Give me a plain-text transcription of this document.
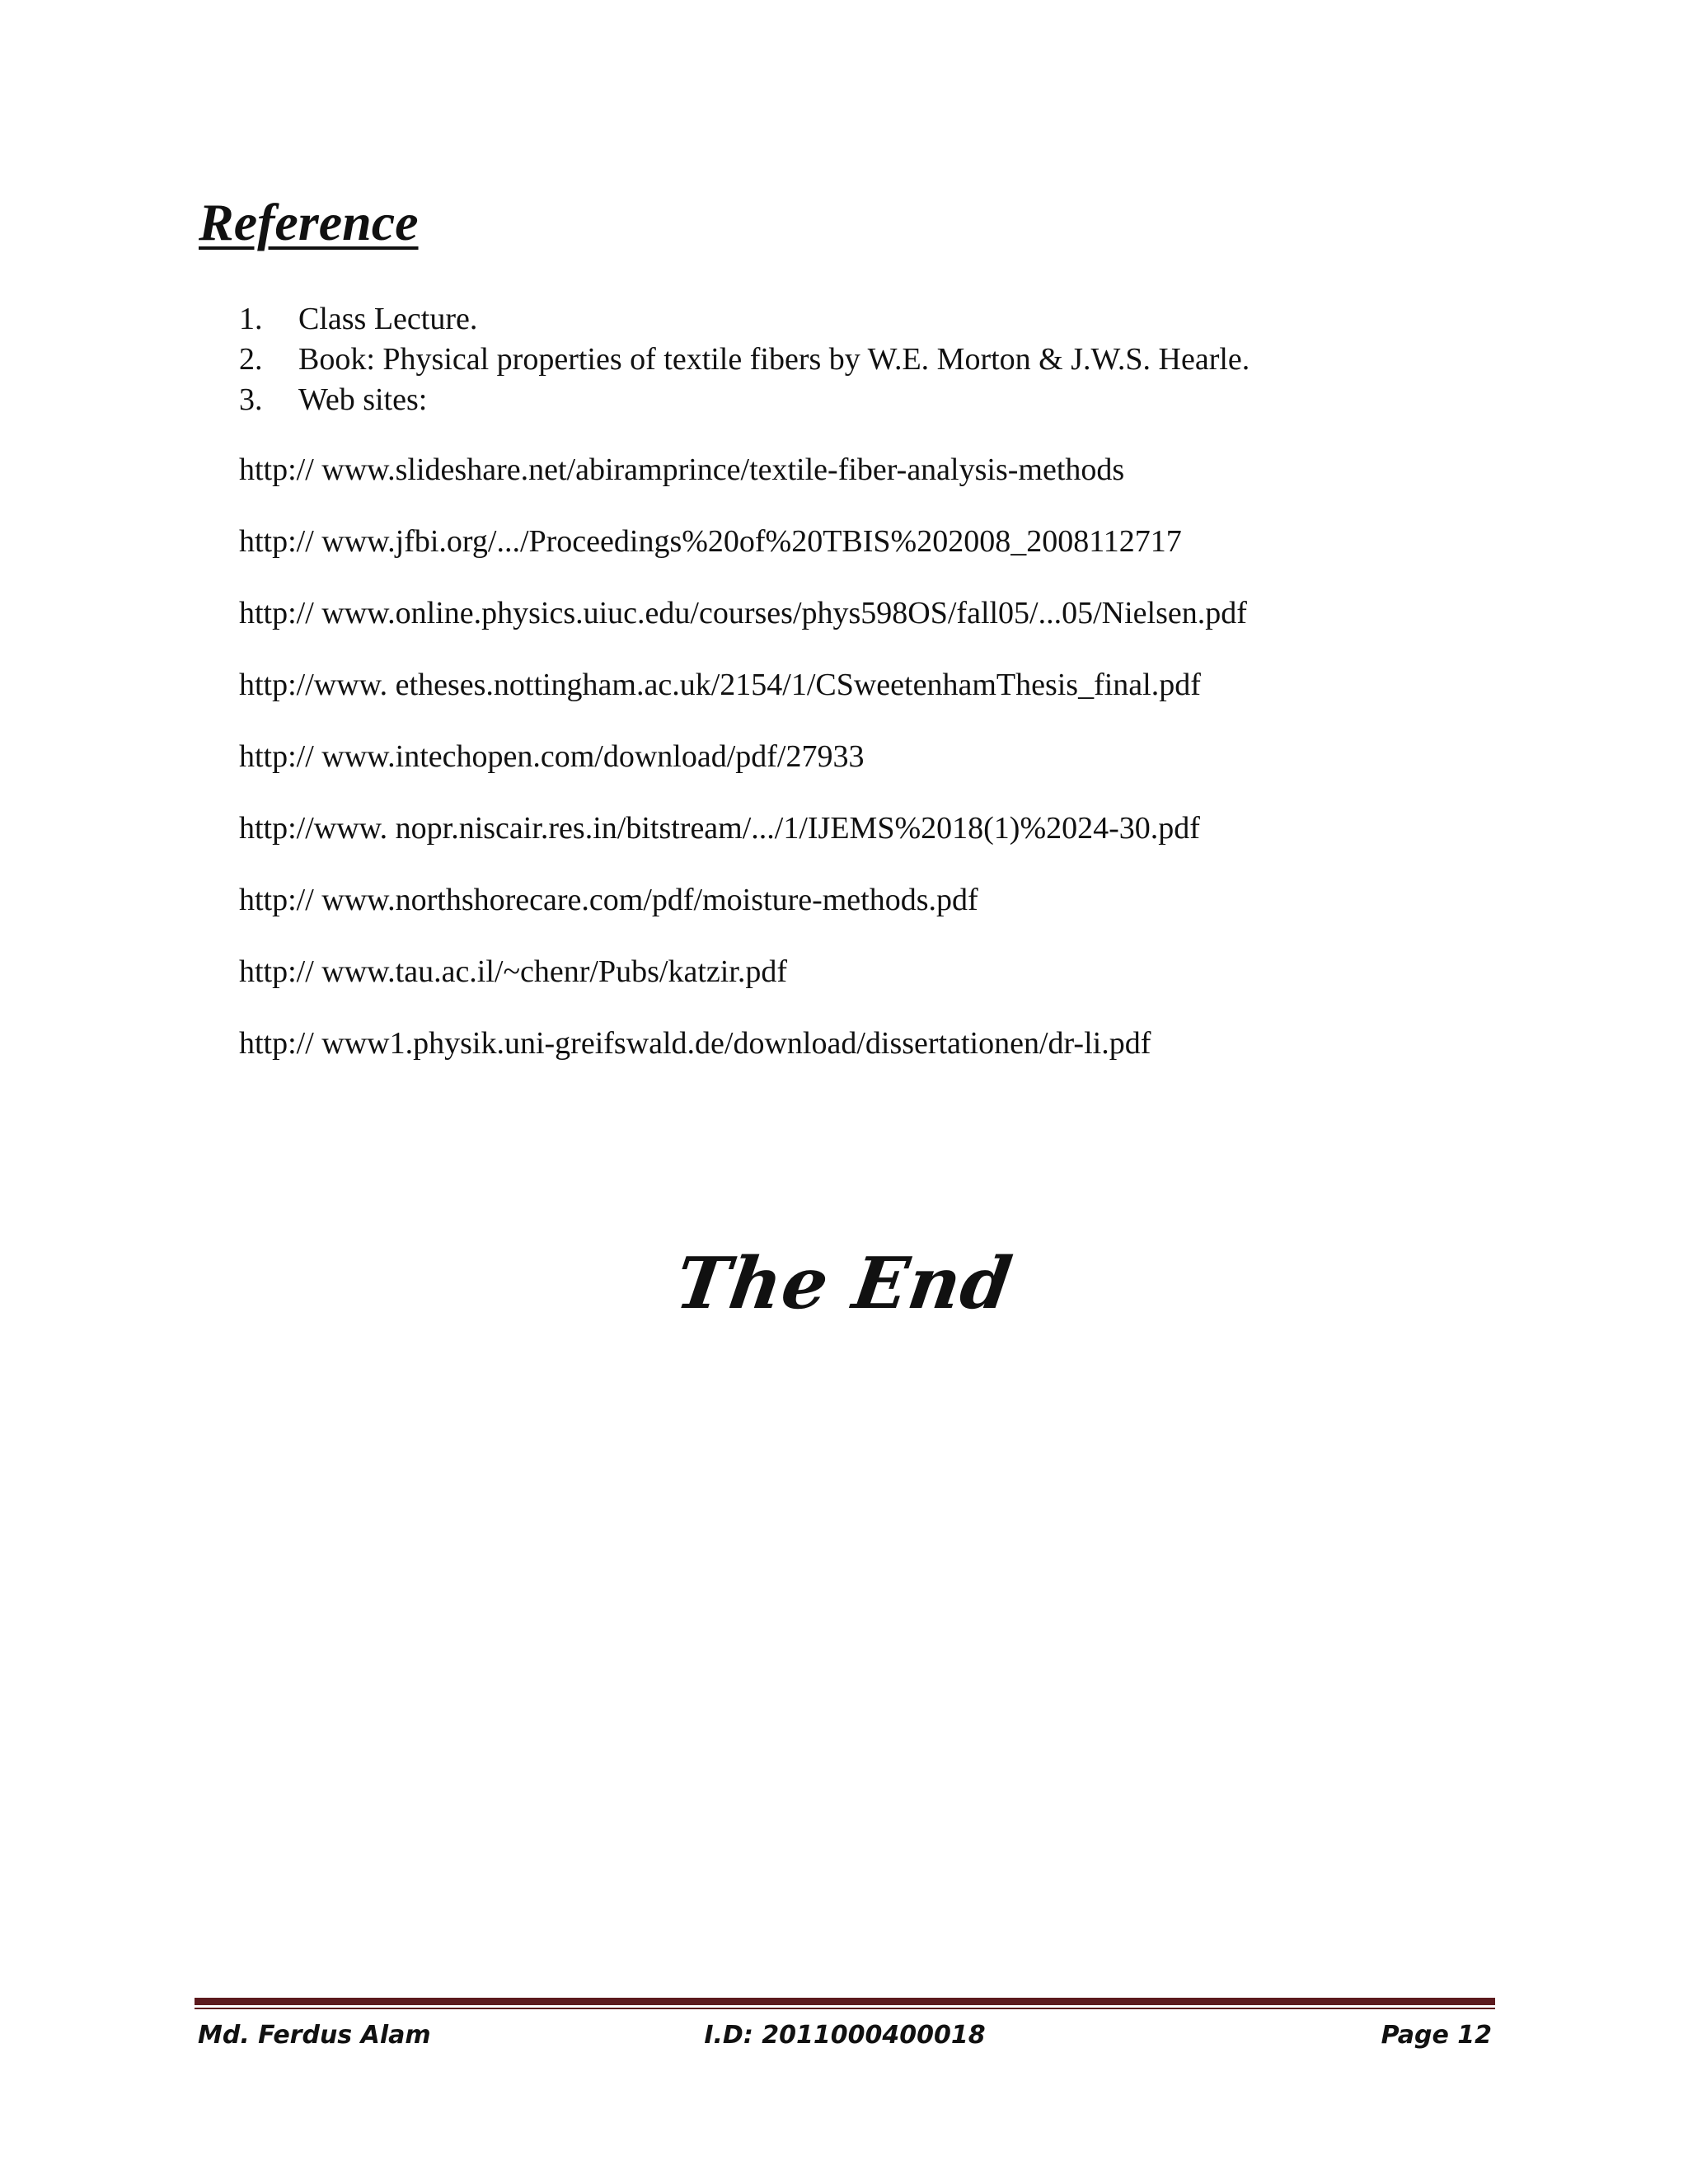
Reference
1.	Class Lecture.
2.	Book: Physical properties of textile fibers by W.E. Morton & J.W.S. Hearle.
3.	Web sites:
http:// www.slideshare.net/abiramprince/textile-fiber-analysis-methods
http:// www.jfbi.org/.../Proceedings%20of%20TBIS%202008_2008112717
http:// www.online.physics.uiuc.edu/courses/phys598OS/fall05/...05/Nielsen.pdf
http://www. etheses.nottingham.ac.uk/2154/1/CSweetenhamThesis_final.pdf
http:// www.intechopen.com/download/pdf/27933
http://www. nopr.niscair.res.in/bitstream/.../1/IJEMS%2018(1)%2024-30.pdf
http:// www.northshorecare.com/pdf/moisture-methods.pdf
http:// www.tau.ac.il/~chenr/Pubs/katzir.pdf
http:// www1.physik.uni-greifswald.de/download/dissertationen/dr-li.pdf
The End
Md. Ferdus Alam	I.D: 2011000400018	Page 12
